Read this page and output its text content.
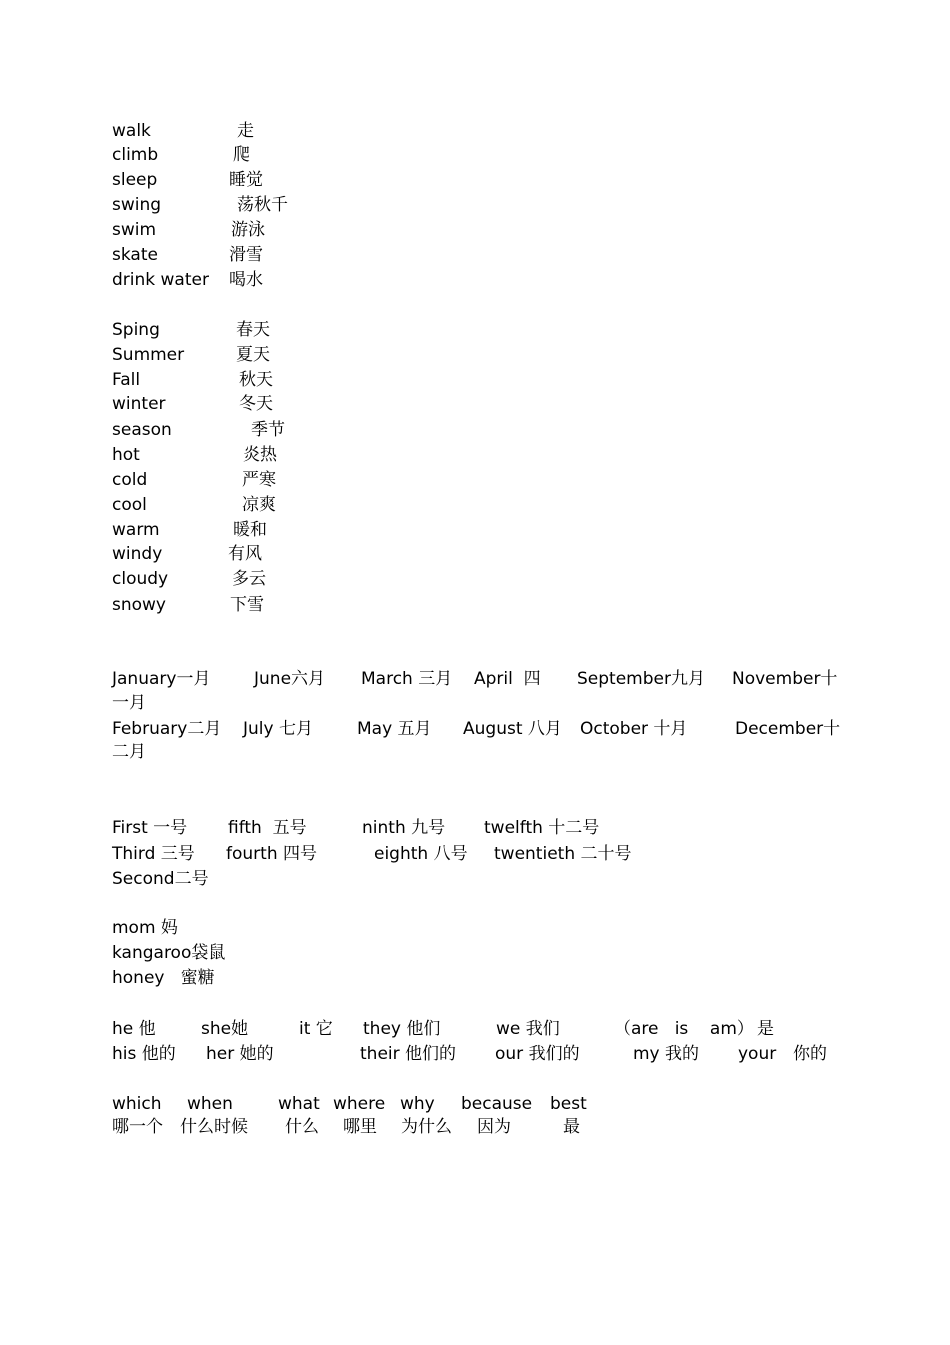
walk	走
climb	爬
sleep	睡觉
swing	荡秋千
swim	游泳
skate	滑雪
drink water 喝水
Sping	春天
Summer	夏天
Fall	秋天
winter	冬天
season	季节
hot	炎热
cold	严寒
cool	凉爽
warm	暖和
windy	有风
cloudy	多云
snowy	下雪
January一月	June六月 March 三月 April  四 September九月 November十
一月
February二月 July 七月	May 五月 August 八月 October 十月	December十
二月
First 一号 fifth  五号	ninth 九号 twelfth 十二号
Third 三号 fourth 四号	eighth 八号 twentieth 二十号
Second二号
mom 妈
kangaroo袋鼠
honey   蜜糖
he 他	she她	it 它 they 他们	we 我们	（are   is    am） 是
his 他的 her 她的	their 他们的 our 我们的	my 我的 your 你的
which when	what where why because best
哪一个 什么时候 什么 哪里 为什么 因为	最
